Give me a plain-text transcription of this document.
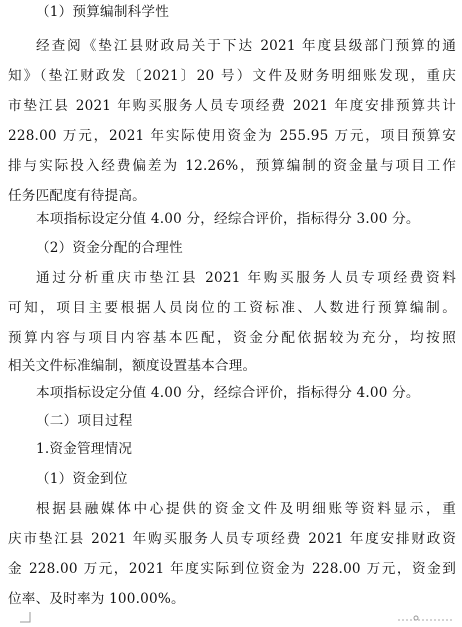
（1）预算编制科学性
经查阅《垫江县财政局关于下达 2021 年度县级部门预算的通
知》（垫江财政发〔2021〕20 号）文件及财务明细账发现，重庆
市垫江县 2021 年购买服务人员专项经费 2021 年度安排预算共计
228.00 万元，2021 年实际使用资金为 255.95 万元，项目预算安
排与实际投入经费偏差为 12.26%，预算编制的资金量与项目工作
任务匹配度有待提高。
本项指标设定分值 4.00 分，经综合评价，指标得分 3.00 分。
（2）资金分配的合理性
通过分析重庆市垫江县 2021 年购买服务人员专项经费资料
可知，项目主要根据人员岗位的工资标准、人数进行预算编制。
预算内容与项目内容基本匹配，资金分配依据较为充分，均按照
相关文件标准编制，额度设置基本合理。
本项指标设定分值 4.00 分，经综合评价，指标得分 4.00 分。
（二）项目过程
1.资金管理情况
（1）资金到位
根据县融媒体中心提供的资金文件及明细账等资料显示，重
庆市垫江县 2021 年购买服务人员专项经费 2021 年度安排财政资
金 228.00 万元，2021 年度实际到位资金为 228.00 万元，资金到
位率、及时率为 100.00%。
